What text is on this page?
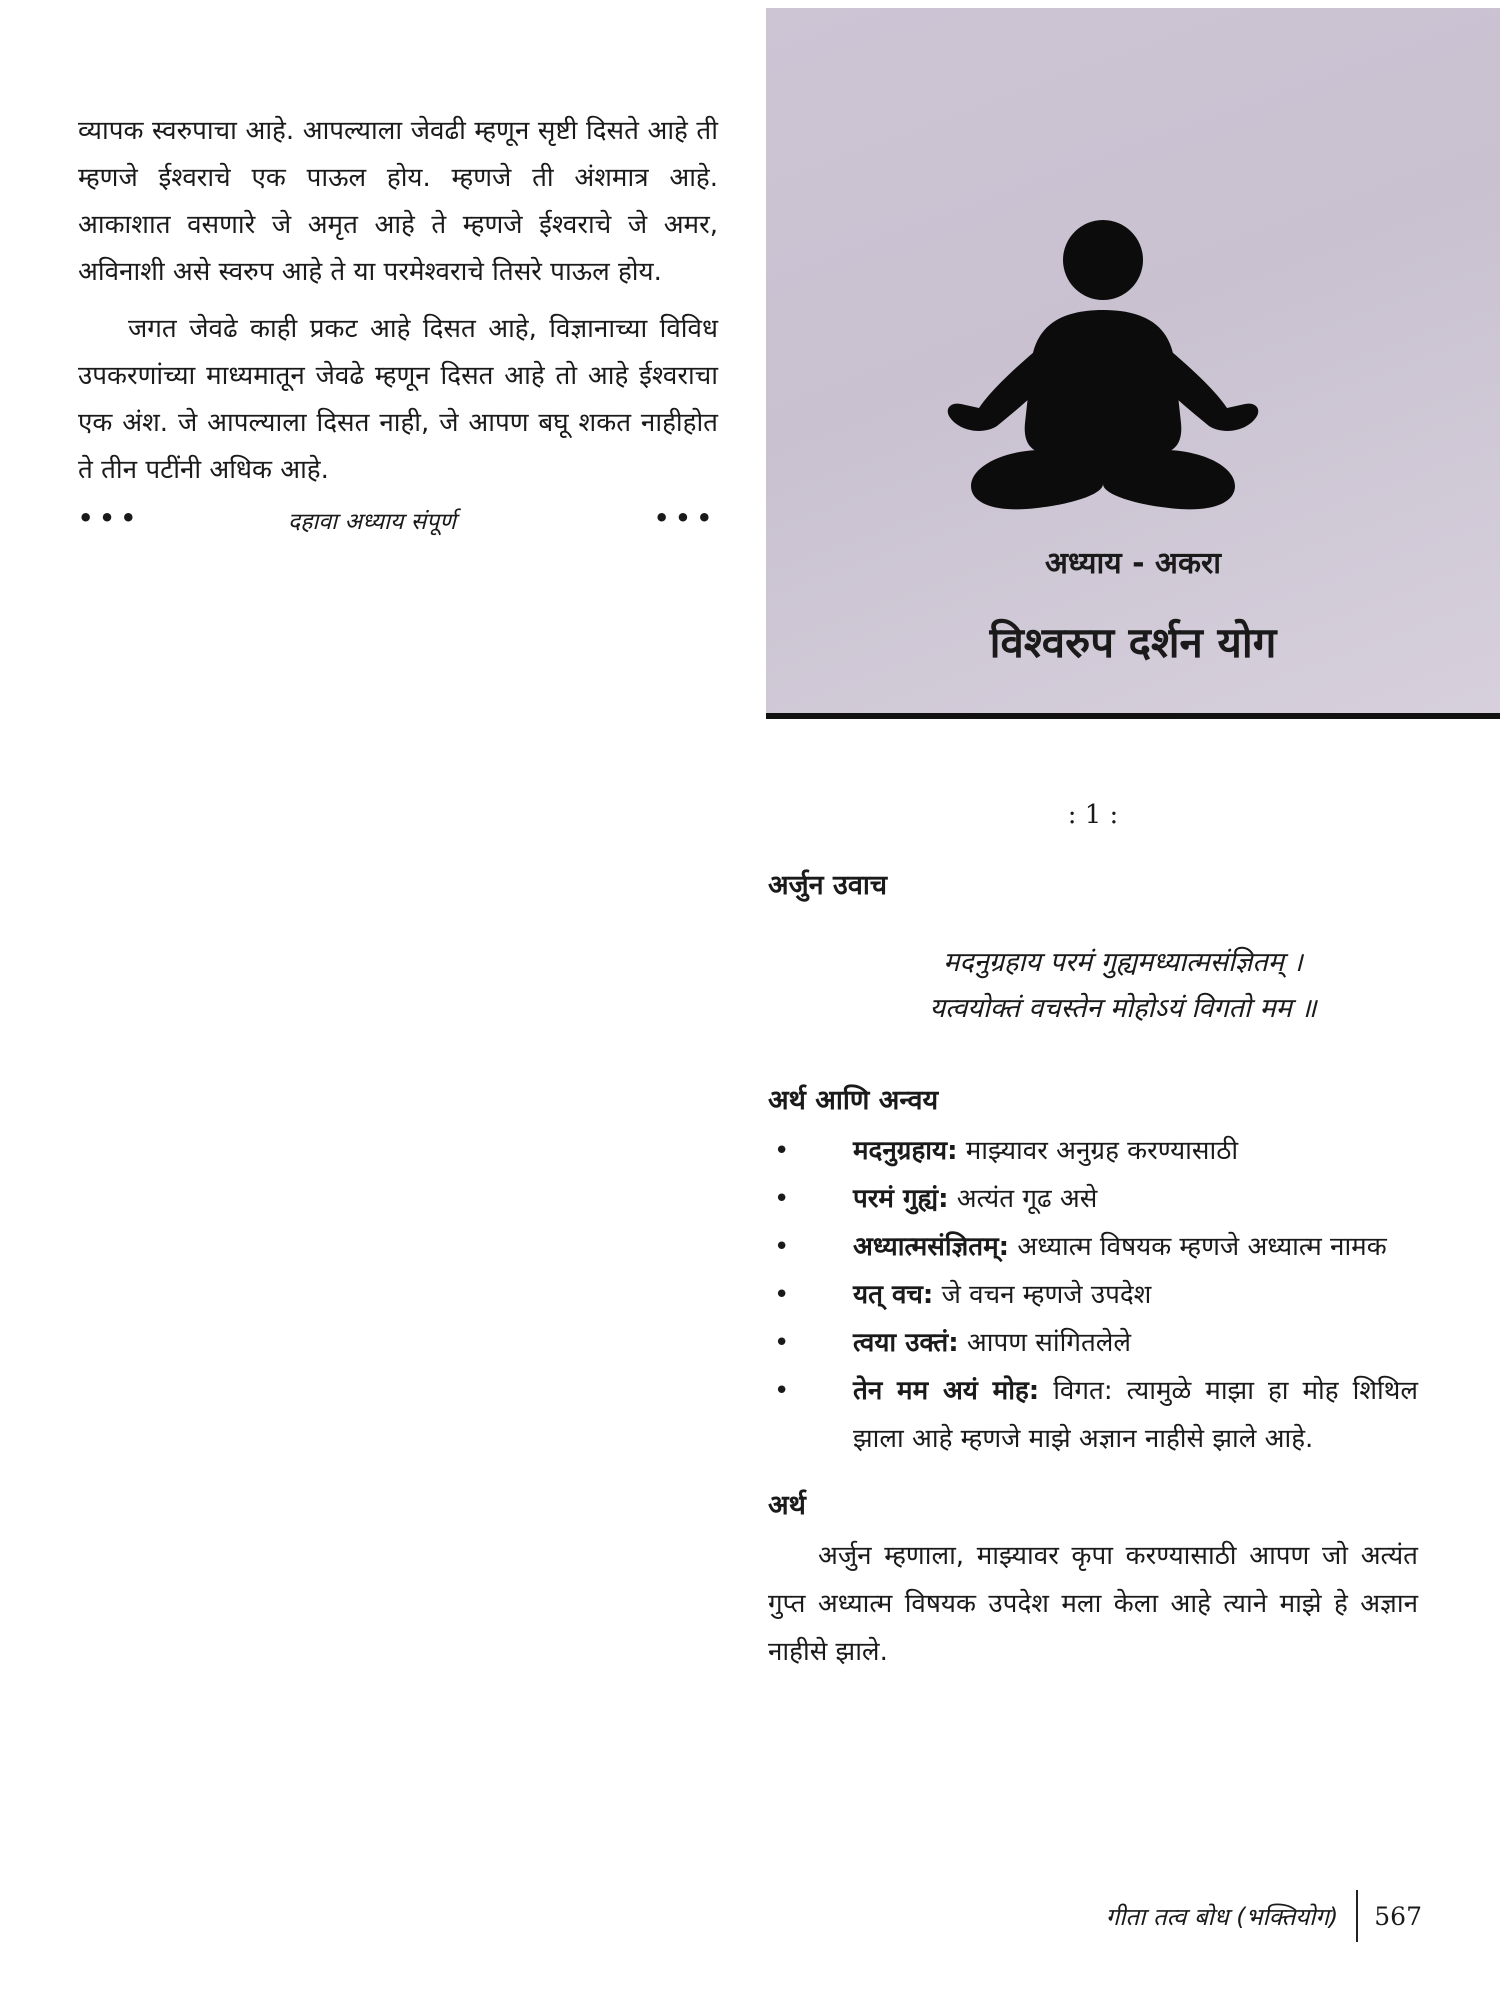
व्यापक स्वरुपाचा आहे. आपल्याला जेवढी म्हणून सृष्टी दिसते आहे ती म्हणजे ईश्वराचे एक पाऊल होय. म्हणजे ती अंशमात्र आहे. आकाशात वसणारे जे अमृत आहे ते म्हणजे ईश्वराचे जे अमर, अविनाशी असे स्वरुप आहे ते या परमेश्वराचे तिसरे पाऊल होय.

जगत जेवढे काही प्रकट आहे दिसत आहे, विज्ञानाच्या विविध उपकरणांच्या माध्यमातून जेवढे म्हणून दिसत आहे तो आहे ईश्वराचा एक अंश. जे आपल्याला दिसत नाही, जे आपण बघू शकत नाहीहोत ते तीन पटींनी अधिक आहे.

•••	दहावा अध्याय संपूर्ण	•••
अध्याय - अकरा
विश्वरुप दर्शन योग
: 1 :
अर्जुन उवाच
मदनुग्रहाय परमं गुह्यमध्यात्मसंज्ञितम् ।
यत्वयोक्तं वचस्तेन मोहोऽयं विगतो मम ॥
अर्थ आणि अन्वय
• मदनुग्रहाय: माझ्यावर अनुग्रह करण्यासाठी
• परमं गुह्यं: अत्यंत गूढ असे
• अध्यात्मसंज्ञितम्: अध्यात्म विषयक म्हणजे अध्यात्म नामक
• यत् वच: जे वचन म्हणजे उपदेश
• त्वया उक्तं: आपण सांगितलेले
• तेन मम अयं मोह: विगत: त्यामुळे माझा हा मोह शिथिल झाला आहे म्हणजे माझे अज्ञान नाहीसे झाले आहे.
अर्थ

अर्जुन म्हणाला, माझ्यावर कृपा करण्यासाठी आपण जो अत्यंत गुप्त अध्यात्म विषयक उपदेश मला केला आहे त्याने माझे हे अज्ञान नाहीसे झाले.

गीता तत्व बोध (भक्तियोग) 567
